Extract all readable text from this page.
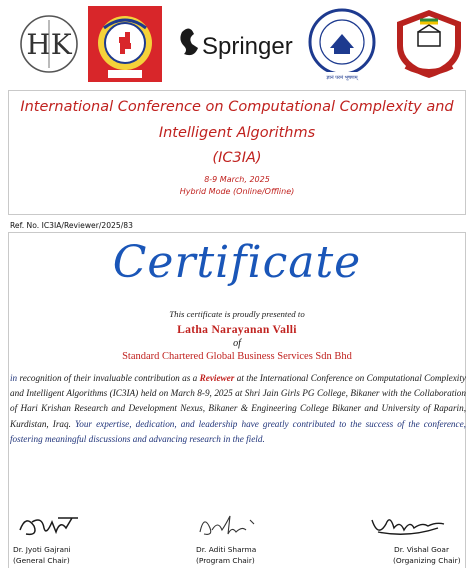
HK	Springer
ज्ञानं परमं भूषणम्
International Conference on Computational Complexity and
Intelligent Algorithms
(IC3IA)
8-9 March, 2025
Hybrid Mode (Online/Offline)
Ref. No. IC3IA/Reviewer/2025/83
Certificate
This certificate is proudly presented to
Latha Narayanan Valli
of
Standard Chartered Global Business Services Sdn Bhd
in recognition of their invaluable contribution as a Reviewer at the International Conference on Computational Complexity and Intelligent Algorithms (IC3IA) held on March 8-9, 2025 at Shri Jain Girls PG College, Bikaner with the Collaboration of Hari Krishan Research and Development Nexus, Bikaner & Engineering College Bikaner and University of Raparin, Kurdistan, Iraq. Your expertise, dedication, and leadership have greatly contributed to the success of the conference, fostering meaningful discussions and advancing research in the field.
Dr. Jyoti Gajrani
(General Chair)
Dr. Aditi Sharma
(Program Chair)
Dr. Vishal Goar
(Organizing Chair)
